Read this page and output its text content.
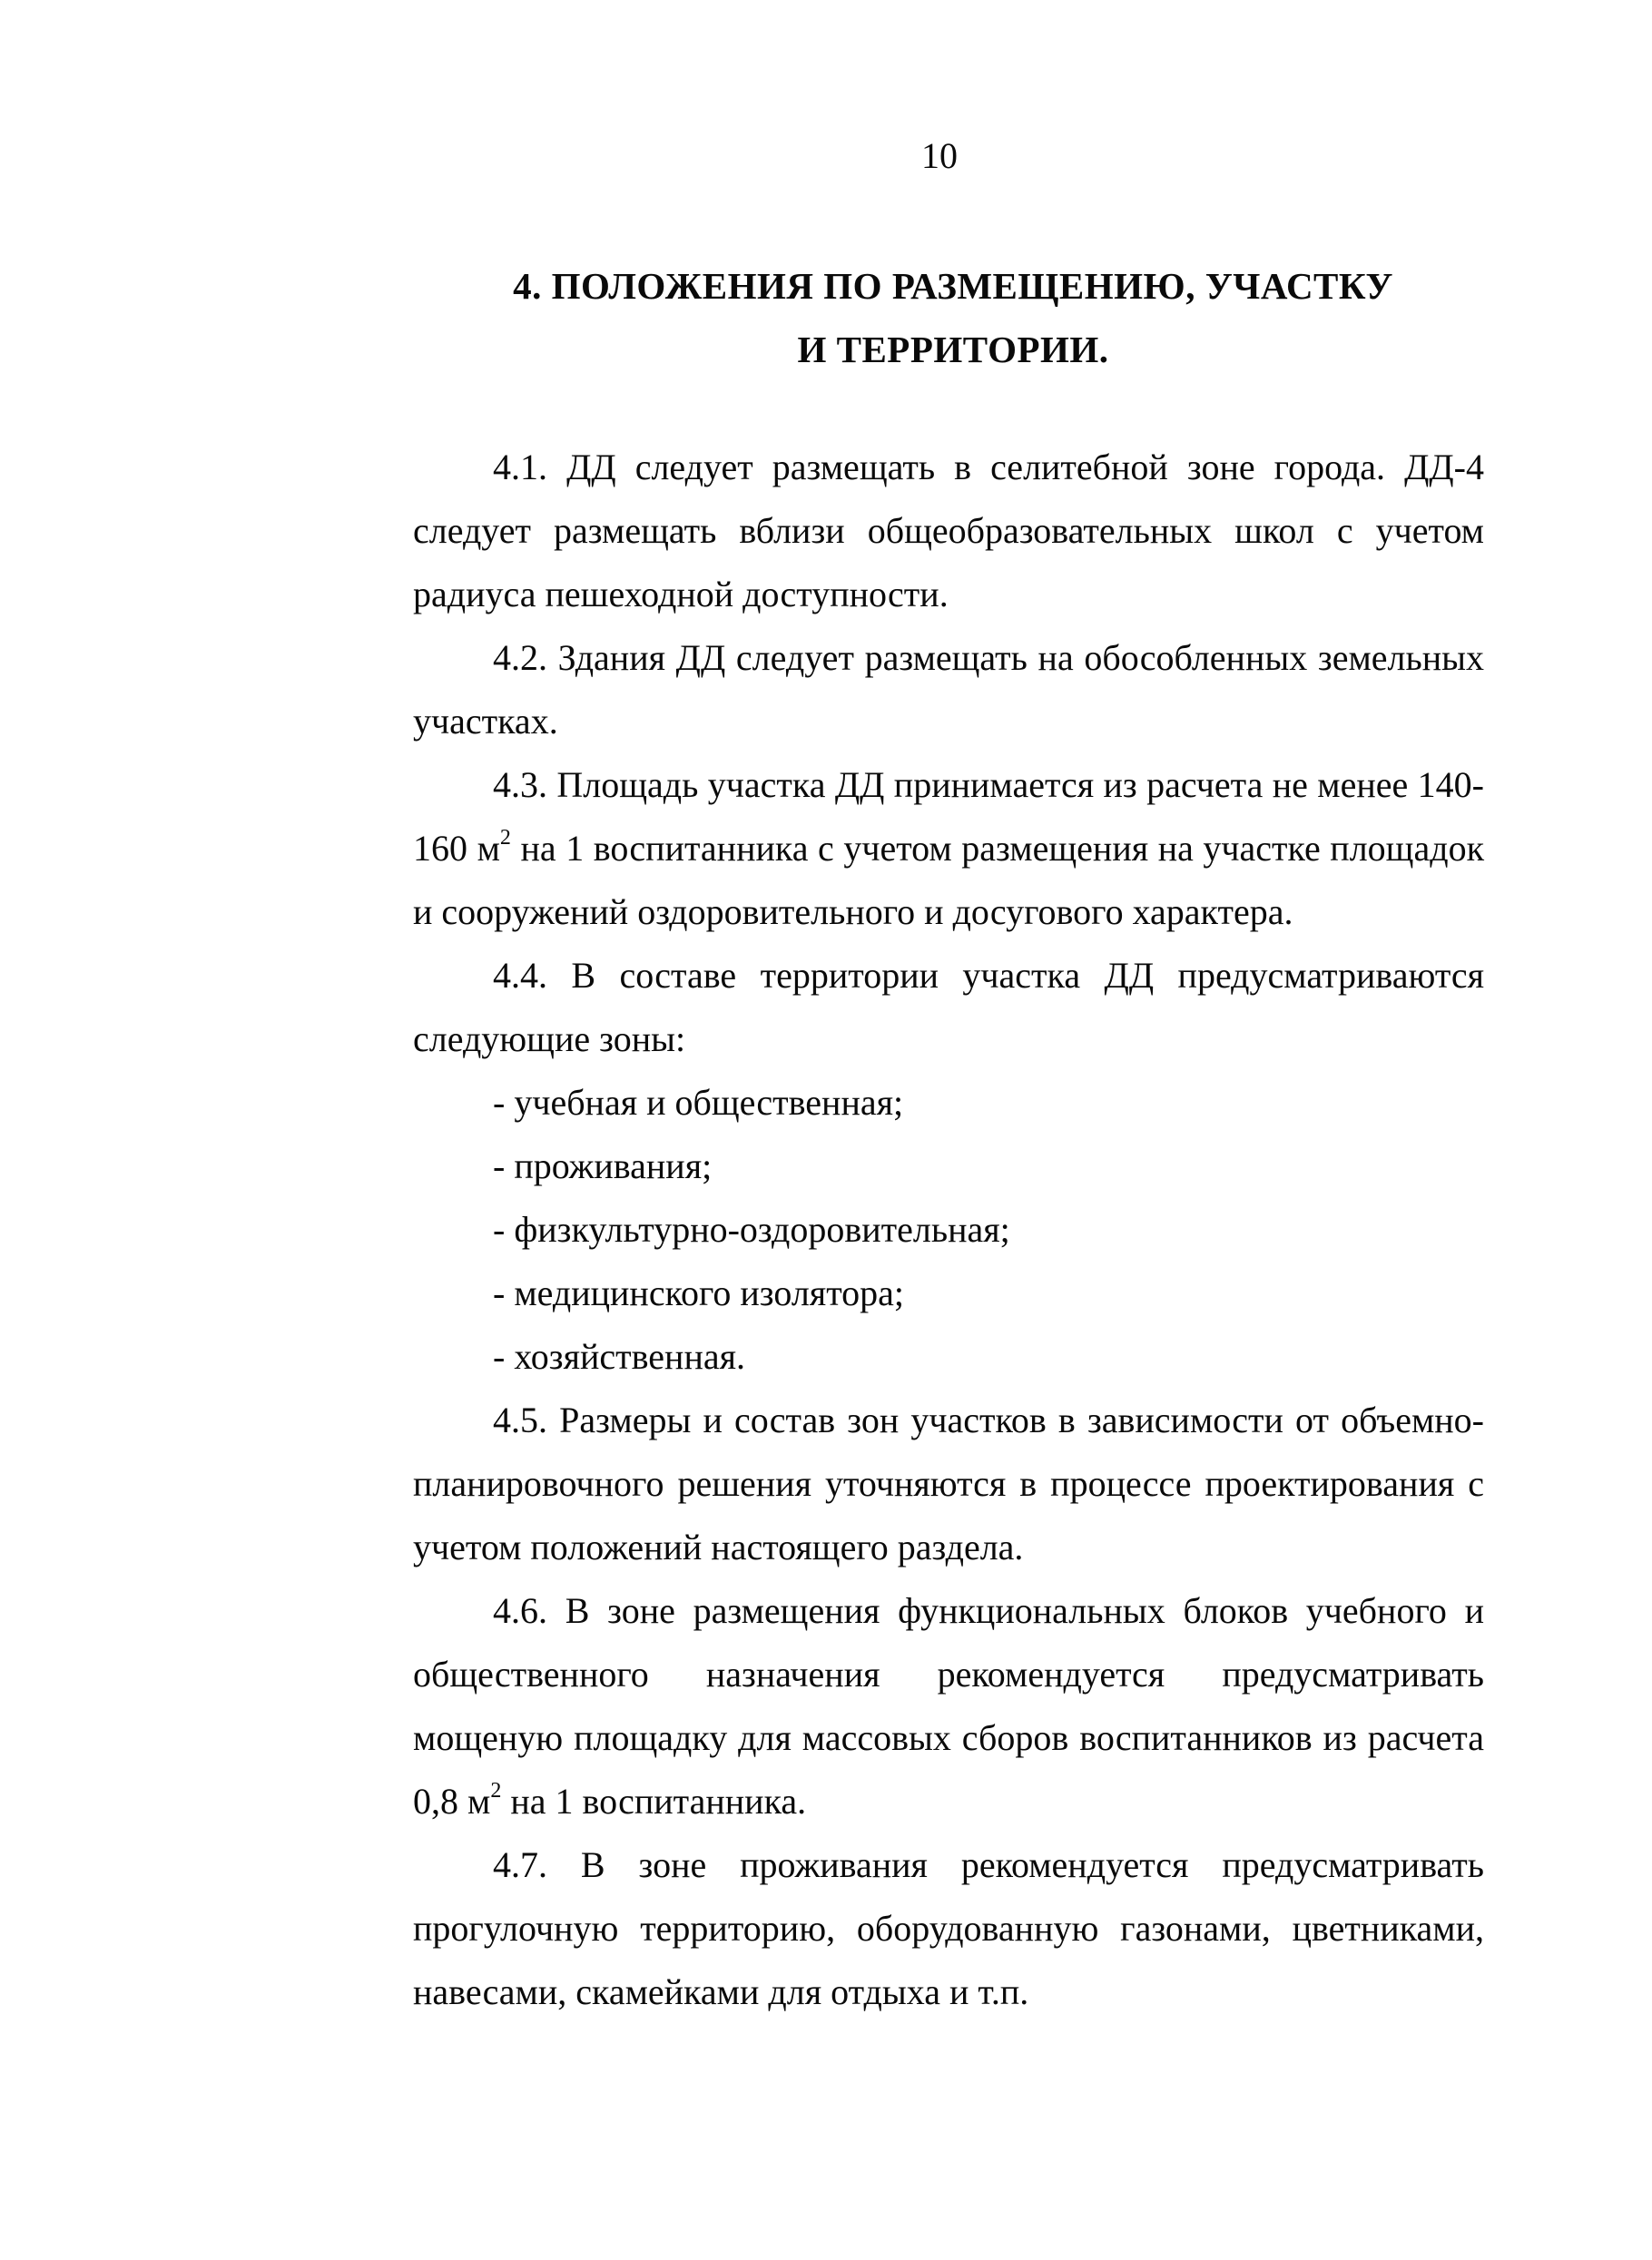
10
4. ПОЛОЖЕНИЯ ПО РАЗМЕЩЕНИЮ, УЧАСТКУ
И ТЕРРИТОРИИ.

4.1. ДД следует размещать в селитебной зоне города. ДД-4 следует размещать вблизи общеобразовательных школ с учетом радиуса пешеходной доступности.

4.2. Здания ДД следует размещать на обособленных земельных участках.

4.3. Площадь участка ДД принимается из расчета не менее 140-160 $м^2$ на 1 воспитанника с учетом размещения на участке площадок и сооружений оздоровительного и досугового характера.

4.4. В составе территории участка ДД предусматриваются следующие зоны:

- учебная и общественная;

- проживания;

- физкультурно-оздоровительная;

- медицинского изолятора;

- хозяйственная.

4.5. Размеры и состав зон участков в зависимости от объемно-планировочного решения уточняются в процессе проектирования с учетом положений настоящего раздела.

4.6. В зоне размещения функциональных блоков учебного и общественного назначения рекомендуется предусматривать мощеную площадку для массовых сборов воспитанников из расчета 0,8 $м^2$ на 1 воспитанника.

4.7. В зоне проживания рекомендуется предусматривать прогулочную территорию, оборудованную газонами, цветниками, навесами, скамейками для отдыха и т.п.
